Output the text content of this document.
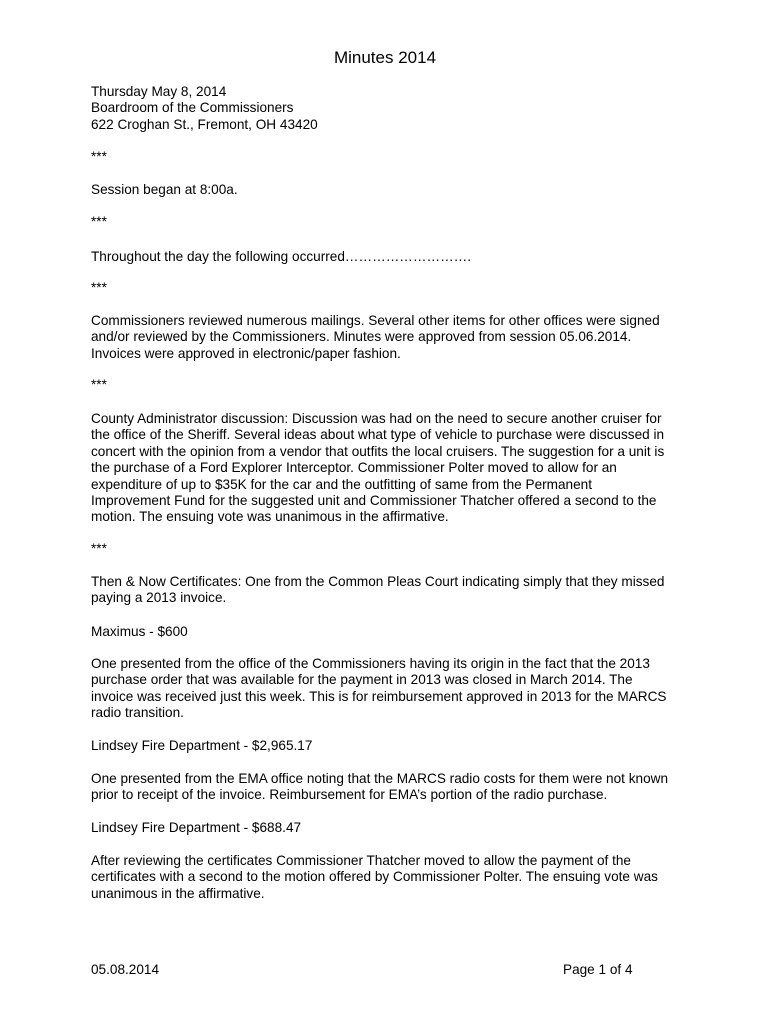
Minutes 2014

Thursday May 8, 2014
Boardroom of the Commissioners
622 Croghan St., Fremont, OH 43420

***

Session began at 8:00a.

***

Throughout the day the following occurred……………………….

***

Commissioners reviewed numerous mailings. Several other items for other offices were signed
and/or reviewed by the Commissioners. Minutes were approved from session 05.06.2014.
Invoices were approved in electronic/paper fashion.

***

County Administrator discussion: Discussion was had on the need to secure another cruiser for
the office of the Sheriff. Several ideas about what type of vehicle to purchase were discussed in
concert with the opinion from a vendor that outfits the local cruisers. The suggestion for a unit is
the purchase of a Ford Explorer Interceptor. Commissioner Polter moved to allow for an
expenditure of up to $35K for the car and the outfitting of same from the Permanent
Improvement Fund for the suggested unit and Commissioner Thatcher offered a second to the
motion. The ensuing vote was unanimous in the affirmative.

***

Then & Now Certificates: One from the Common Pleas Court indicating simply that they missed
paying a 2013 invoice.

Maximus - $600

One presented from the office of the Commissioners having its origin in the fact that the 2013
purchase order that was available for the payment in 2013 was closed in March 2014. The
invoice was received just this week. This is for reimbursement approved in 2013 for the MARCS
radio transition.

Lindsey Fire Department - $2,965.17

One presented from the EMA office noting that the MARCS radio costs for them were not known
prior to receipt of the invoice. Reimbursement for EMA’s portion of the radio purchase.

Lindsey Fire Department - $688.47

After reviewing the certificates Commissioner Thatcher moved to allow the payment of the
certificates with a second to the motion offered by Commissioner Polter. The ensuing vote was
unanimous in the affirmative.

05.08.2014	Page 1 of 4
